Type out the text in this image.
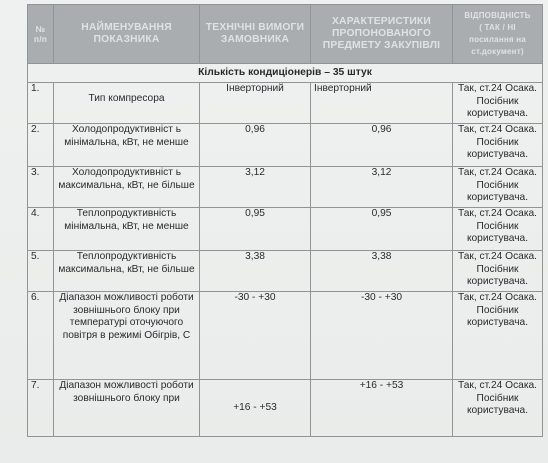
№ п/п	НАЙМЕНУВАННЯ ПОКАЗНИКА	ТЕХНІЧНІ ВИМОГИ ЗАМОВНИКА	ХАРАКТЕРИСТИКИ ПРОПОНОВАНОГО ПРЕДМЕТУ ЗАКУПІВЛІ	ВІДПОВІДНІСТЬ
( ТАК / НІ
посилання на ст.документ)

Кількість кондиціонерів – 35 штук				
1.	Тип компресора	Інверторний	Інверторний	Так, ст.24 Осака. Посібник користувача.
2.	Холодопродуктивніст ь мінімальна, кВт, не менше	0,96	0,96	Так, ст.24 Осака. Посібник користувача.
3.	Холодопродуктивніст ь максимальна, кВт, не більше	3,12	3,12	Так, ст.24 Осака. Посібник користувача.
4.	Теплопродуктивність мінімальна, кВт, не менше	0,95	0,95	Так, ст.24 Осака. Посібник користувача.
5.	Теплопродуктивність максимальна, кВт, не більше	3,38	3,38	Так, ст.24 Осака. Посібник користувача.
6.	Діапазон можливості роботи зовнішнього блоку при температурі оточуючого повітря в режимі Обігрів, С	-30 - +30	-30 - +30	Так, ст.24 Осака. Посібник користувача.
7.	Діапазон можливості роботи зовнішнього блоку при	+16 - +53	+16 - +53	Так, ст.24 Осака. Посібник користувача.
